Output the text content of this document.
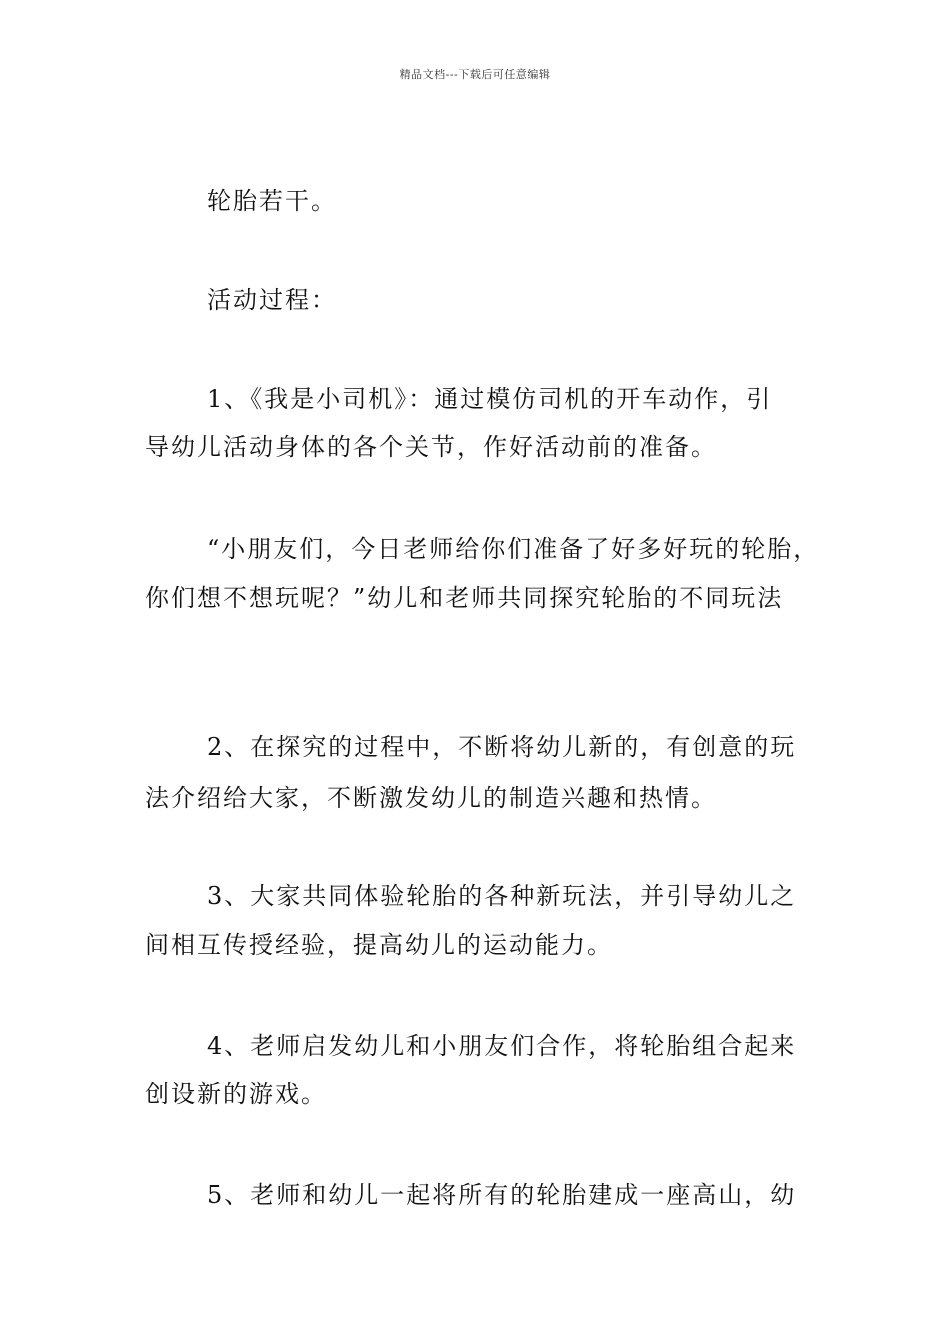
精品文档---下载后可任意编辑
轮胎若干。
活动过程：
1、《我是小司机》：通过模仿司机的开车动作，引
导幼儿活动身体的各个关节，作好活动前的准备。
“小朋友们，今日老师给你们准备了好多好玩的轮胎，
你们想不想玩呢？”幼儿和老师共同探究轮胎的不同玩法
2、在探究的过程中，不断将幼儿新的，有创意的玩
法介绍给大家，不断激发幼儿的制造兴趣和热情。
3、大家共同体验轮胎的各种新玩法，并引导幼儿之
间相互传授经验，提高幼儿的运动能力。
4、老师启发幼儿和小朋友们合作，将轮胎组合起来
创设新的游戏。
5、老师和幼儿一起将所有的轮胎建成一座高山，幼
